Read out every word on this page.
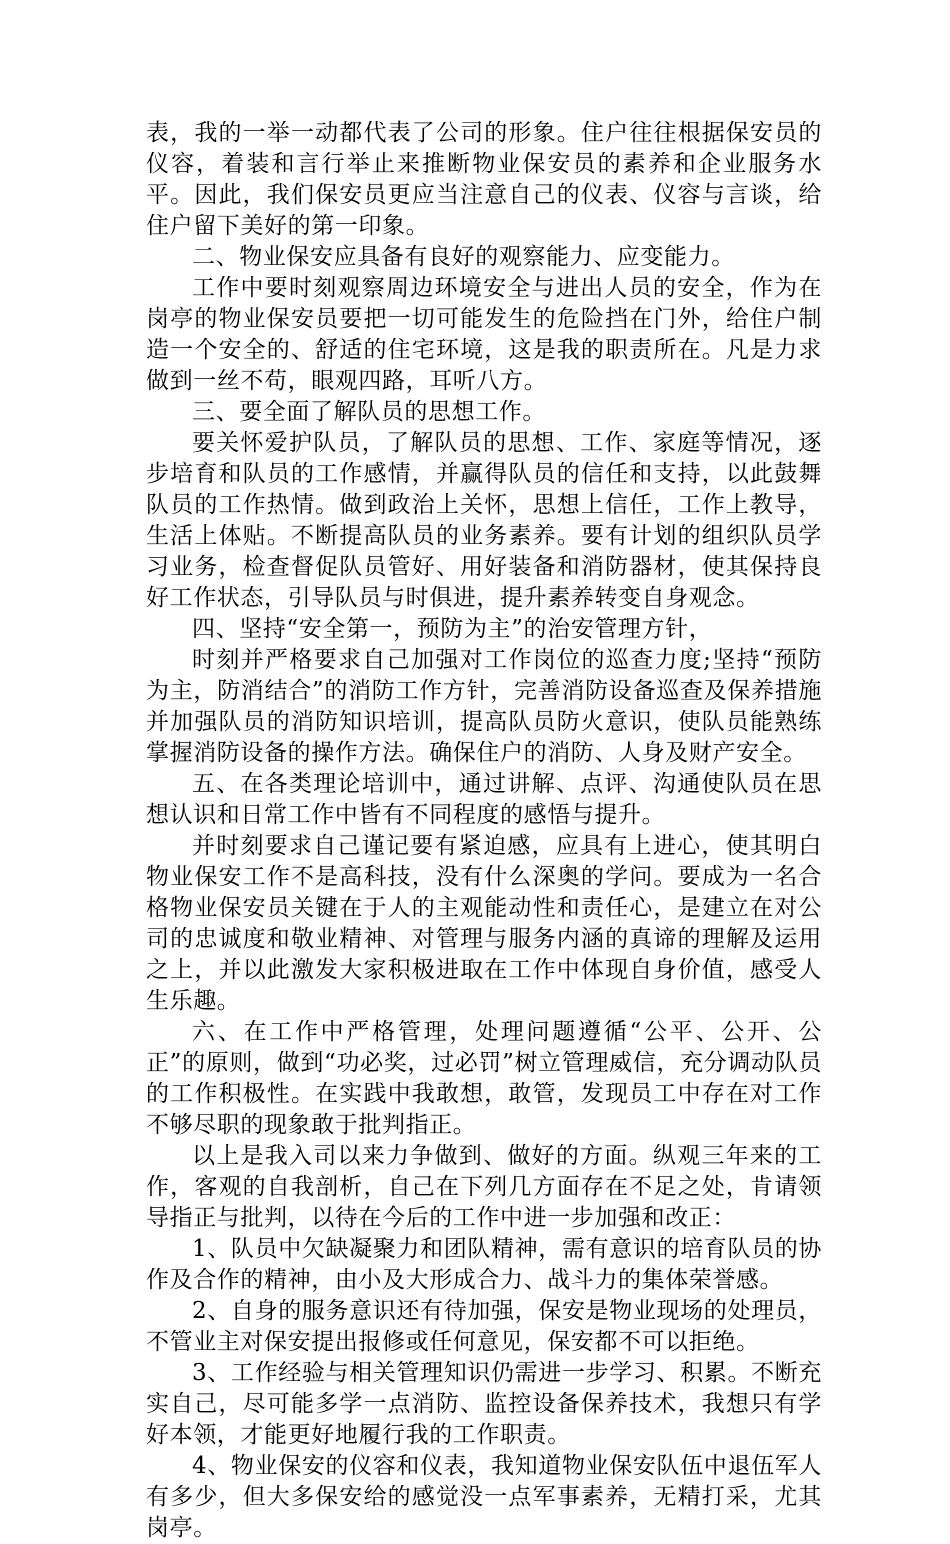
表，我的一举一动都代表了公司的形象。住户往往根据保安员的仪容，着装和言行举止来推断物业保安员的素养和企业服务水平。因此，我们保安员更应当注意自己的仪表、仪容与言谈，给住户留下美好的第一印象。

二、物业保安应具备有良好的观察能力、应变能力。

工作中要时刻观察周边环境安全与进出人员的安全，作为在岗亭的物业保安员要把一切可能发生的危险挡在门外，给住户制造一个安全的、舒适的住宅环境，这是我的职责所在。凡是力求做到一丝不苟，眼观四路，耳听八方。

三、要全面了解队员的思想工作。

要关怀爱护队员，了解队员的思想、工作、家庭等情况，逐步培育和队员的工作感情，并赢得队员的信任和支持，以此鼓舞队员的工作热情。做到政治上关怀，思想上信任，工作上教导，生活上体贴。不断提高队员的业务素养。要有计划的组织队员学习业务，检查督促队员管好、用好装备和消防器材，使其保持良好工作状态，引导队员与时俱进，提升素养转变自身观念。

四、坚持“安全第一，预防为主”的治安管理方针，

时刻并严格要求自己加强对工作岗位的巡查力度;坚持“预防为主，防消结合”的消防工作方针，完善消防设备巡查及保养措施并加强队员的消防知识培训，提高队员防火意识，使队员能熟练掌握消防设备的操作方法。确保住户的消防、人身及财产安全。

五、在各类理论培训中，通过讲解、点评、沟通使队员在思想认识和日常工作中皆有不同程度的感悟与提升。

并时刻要求自己谨记要有紧迫感，应具有上进心，使其明白物业保安工作不是高科技，没有什么深奥的学问。要成为一名合格物业保安员关键在于人的主观能动性和责任心，是建立在对公司的忠诚度和敬业精神、对管理与服务内涵的真谛的理解及运用之上，并以此激发大家积极进取在工作中体现自身价值，感受人生乐趣。

六、在工作中严格管理，处理问题遵循“公平、公开、公正”的原则，做到“功必奖，过必罚”树立管理威信，充分调动队员的工作积极性。在实践中我敢想，敢管，发现员工中存在对工作不够尽职的现象敢于批判指正。

以上是我入司以来力争做到、做好的方面。纵观三年来的工作，客观的自我剖析，自己在下列几方面存在不足之处，肯请领导指正与批判，以待在今后的工作中进一步加强和改正：

1、队员中欠缺凝聚力和团队精神，需有意识的培育队员的协作及合作的精神，由小及大形成合力、战斗力的集体荣誉感。

2、自身的服务意识还有待加强，保安是物业现场的处理员，不管业主对保安提出报修或任何意见，保安都不可以拒绝。

3、工作经验与相关管理知识仍需进一步学习、积累。不断充实自己，尽可能多学一点消防、监控设备保养技术，我想只有学好本领，才能更好地履行我的工作职责。

4、物业保安的仪容和仪表，我知道物业保安队伍中退伍军人有多少，但大多保安给的感觉没一点军事素养，无精打采，尤其岗亭。
